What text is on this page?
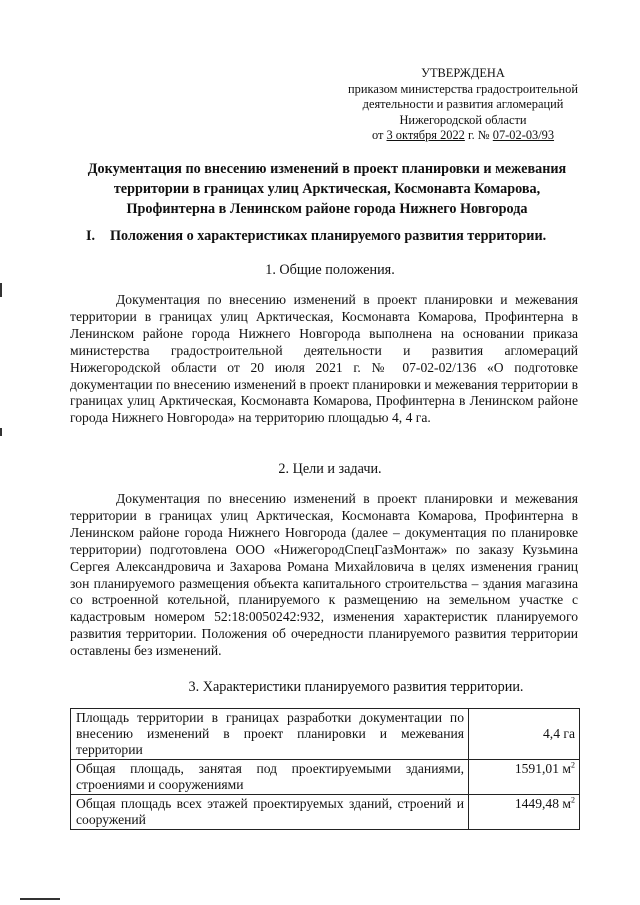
УТВЕРЖДЕНА
приказом министерства градостроительной
деятельности и развития агломераций
Нижегородской области
от 3 октября 2022 г. № 07-02-03/93
Документация по внесению изменений в проект планировки и межевания
территории в границах улиц Арктическая, Космонавта Комарова,
Профинтерна в Ленинском районе города Нижнего Новгорода
I. Положения о характеристиках планируемого развития территории.
1. Общие положения.
Документация по внесению изменений в проект планировки и межевания территории в границах улиц Арктическая, Космонавта Комарова, Профинтерна в Ленинском районе города Нижнего Новгорода выполнена на основании приказа министерства градостроительной деятельности и развития агломераций Нижегородской области от 20 июля 2021 г. № 07-02-02/136 «О подготовке документации по внесению изменений в проект планировки и межевания территории в границах улиц Арктическая, Космонавта Комарова, Профинтерна в Ленинском районе города Нижнего Новгорода» на территорию площадью 4, 4 га.
2. Цели и задачи.
Документация по внесению изменений в проект планировки и межевания территории в границах улиц Арктическая, Космонавта Комарова, Профинтерна в Ленинском районе города Нижнего Новгорода (далее – документация по планировке территории) подготовлена ООО «НижегородСпецГазМонтаж» по заказу Кузьмина Сергея Александровича и Захарова Романа Михайловича в целях изменения границ зон планируемого размещения объекта капитального строительства – здания магазина со встроенной котельной, планируемого к размещению на земельном участке с кадастровым номером 52:18:0050242:932, изменения характеристик планируемого развития территории. Положения об очередности планируемого развития территории оставлены без изменений.
3. Характеристики планируемого развития территории.
Площадь территории в границах разработки документации по внесению изменений в проект планировки и межевания территории	4,4 га
Общая площадь, занятая под проектируемыми зданиями, строениями и сооружениями	1591,01 $м^2$
Общая площадь всех этажей проектируемых зданий, строений и сооружений	1449,48 $м^2$
